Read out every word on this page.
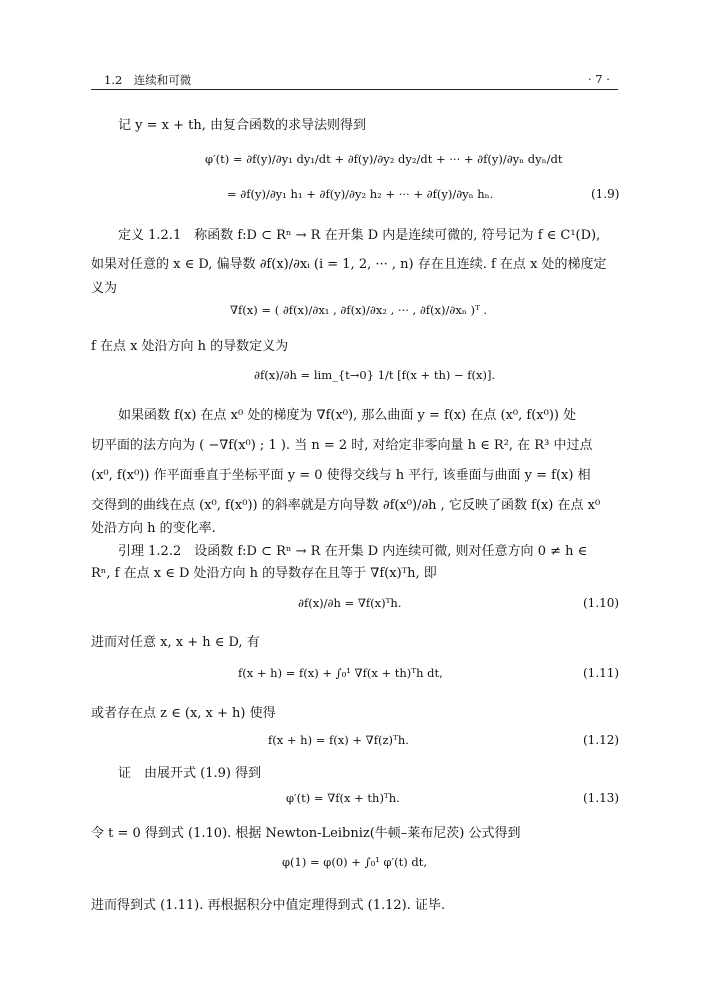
1.2　连续和可微	· 7 ·
记 y = x + th, 由复合函数的求导法则得到
φ′(t) = ∂f(y)/∂y₁ dy₁/dt + ∂f(y)/∂y₂ dy₂/dt + ··· + ∂f(y)/∂yₙ dyₙ/dt
= ∂f(y)/∂y₁ h₁ + ∂f(y)/∂y₂ h₂ + ··· + ∂f(y)/∂yₙ hₙ.	(1.9)
定义 1.2.1　称函数 f:D ⊂ Rⁿ → R 在开集 D 内是连续可微的, 符号记为 f ∈ C¹(D),
如果对任意的 x ∈ D, 偏导数 ∂f(x)/∂xᵢ (i = 1, 2, ··· , n) 存在且连续. f 在点 x 处的梯度定
义为
∇f(x) = ( ∂f(x)/∂x₁ , ∂f(x)/∂x₂ , ··· , ∂f(x)/∂xₙ )ᵀ .
f 在点 x 处沿方向 h 的导数定义为
∂f(x)/∂h = lim_{t→0} 1/t [f(x + th) − f(x)].
如果函数 f(x) 在点 x⁰ 处的梯度为 ∇f(x⁰), 那么曲面 y = f(x) 在点 (x⁰, f(x⁰)) 处
切平面的法方向为 ( −∇f(x⁰) ; 1 ). 当 n = 2 时, 对给定非零向量 h ∈ R², 在 R³ 中过点
(x⁰, f(x⁰)) 作平面垂直于坐标平面 y = 0 使得交线与 h 平行, 该垂面与曲面 y = f(x) 相
交得到的曲线在点 (x⁰, f(x⁰)) 的斜率就是方向导数 ∂f(x⁰)/∂h , 它反映了函数 f(x) 在点 x⁰
处沿方向 h 的变化率.
引理 1.2.2　设函数 f:D ⊂ Rⁿ → R 在开集 D 内连续可微, 则对任意方向 0 ≠ h ∈
Rⁿ, f 在点 x ∈ D 处沿方向 h 的导数存在且等于 ∇f(x)ᵀh, 即
∂f(x)/∂h = ∇f(x)ᵀh.	(1.10)
进而对任意 x, x + h ∈ D, 有
f(x + h) = f(x) + ∫₀¹ ∇f(x + th)ᵀh dt,	(1.11)
或者存在点 z ∈ (x, x + h) 使得
f(x + h) = f(x) + ∇f(z)ᵀh.	(1.12)
证　由展开式 (1.9) 得到
φ′(t) = ∇f(x + th)ᵀh.	(1.13)
令 t = 0 得到式 (1.10). 根据 Newton-Leibniz(牛顿–莱布尼茨) 公式得到
φ(1) = φ(0) + ∫₀¹ φ′(t) dt,
进而得到式 (1.11). 再根据积分中值定理得到式 (1.12). 证毕.
